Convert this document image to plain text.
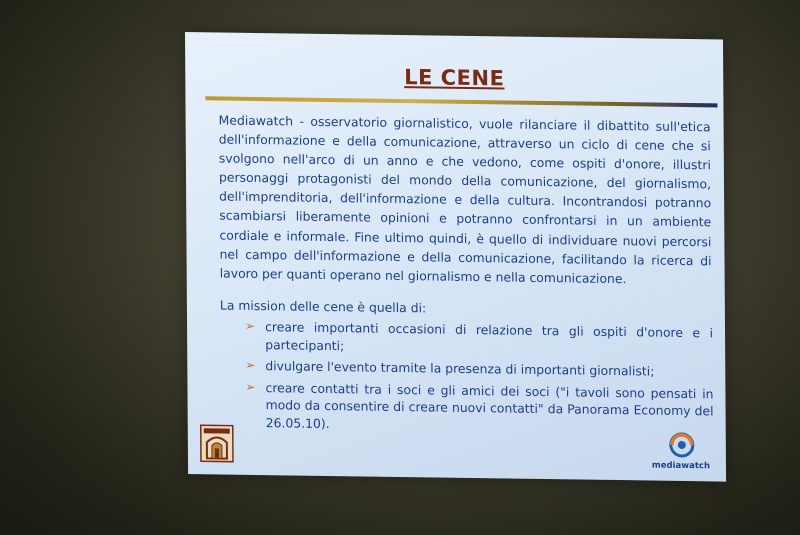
LE CENE

Mediawatch - osservatorio giornalistico, vuole rilanciare il dibattito sull'etica dell'informazione e della comunicazione, attraverso un ciclo di cene che si svolgono nell'arco di un anno e che vedono, come ospiti d'onore, illustri personaggi protagonisti del mondo della comunicazione, del giornalismo, dell'imprenditoria, dell'informazione e della cultura. Incontrandosi potranno scambiarsi liberamente opinioni e potranno confrontarsi in un ambiente cordiale e informale. Fine ultimo quindi, è quello di individuare nuovi percorsi nel campo dell'informazione e della comunicazione, facilitando la ricerca di lavoro per quanti operano nel giornalismo e nella comunicazione.

La mission delle cene è quella di:

➢ creare importanti occasioni di relazione tra gli ospiti d'onore e i partecipanti;
➢ divulgare l'evento tramite la presenza di importanti giornalisti;
➢ creare contatti tra i soci e gli amici dei soci ("i tavoli sono pensati in modo da consentire di creare nuovi contatti" da Panorama Economy del 26.05.10).
mediawatch
